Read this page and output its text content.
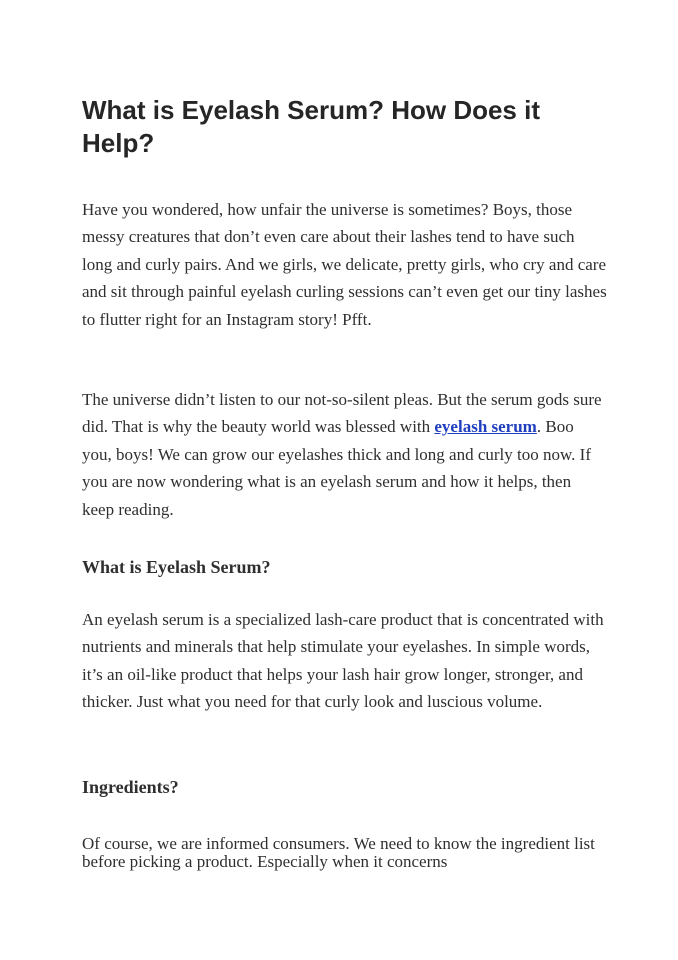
What is Eyelash Serum? How Does it Help?

Have you wondered, how unfair the universe is sometimes? Boys, those messy creatures that don’t even care about their lashes tend to have such long and curly pairs. And we girls, we delicate, pretty girls, who cry and care and sit through painful eyelash curling sessions can’t even get our tiny lashes to flutter right for an Instagram story! Pfft.

The universe didn’t listen to our not-so-silent pleas. But the serum gods sure did. That is why the beauty world was blessed with eyelash serum. Boo you, boys! We can grow our eyelashes thick and long and curly too now. If you are now wondering what is an eyelash serum and how it helps, then keep reading.

What is Eyelash Serum?

An eyelash serum is a specialized lash-care product that is concentrated with nutrients and minerals that help stimulate your eyelashes. In simple words, it’s an oil-like product that helps your lash hair grow longer, stronger, and thicker. Just what you need for that curly look and luscious volume.

Ingredients?

Of course, we are informed consumers. We need to know the ingredient list before picking a product. Especially when it concerns
